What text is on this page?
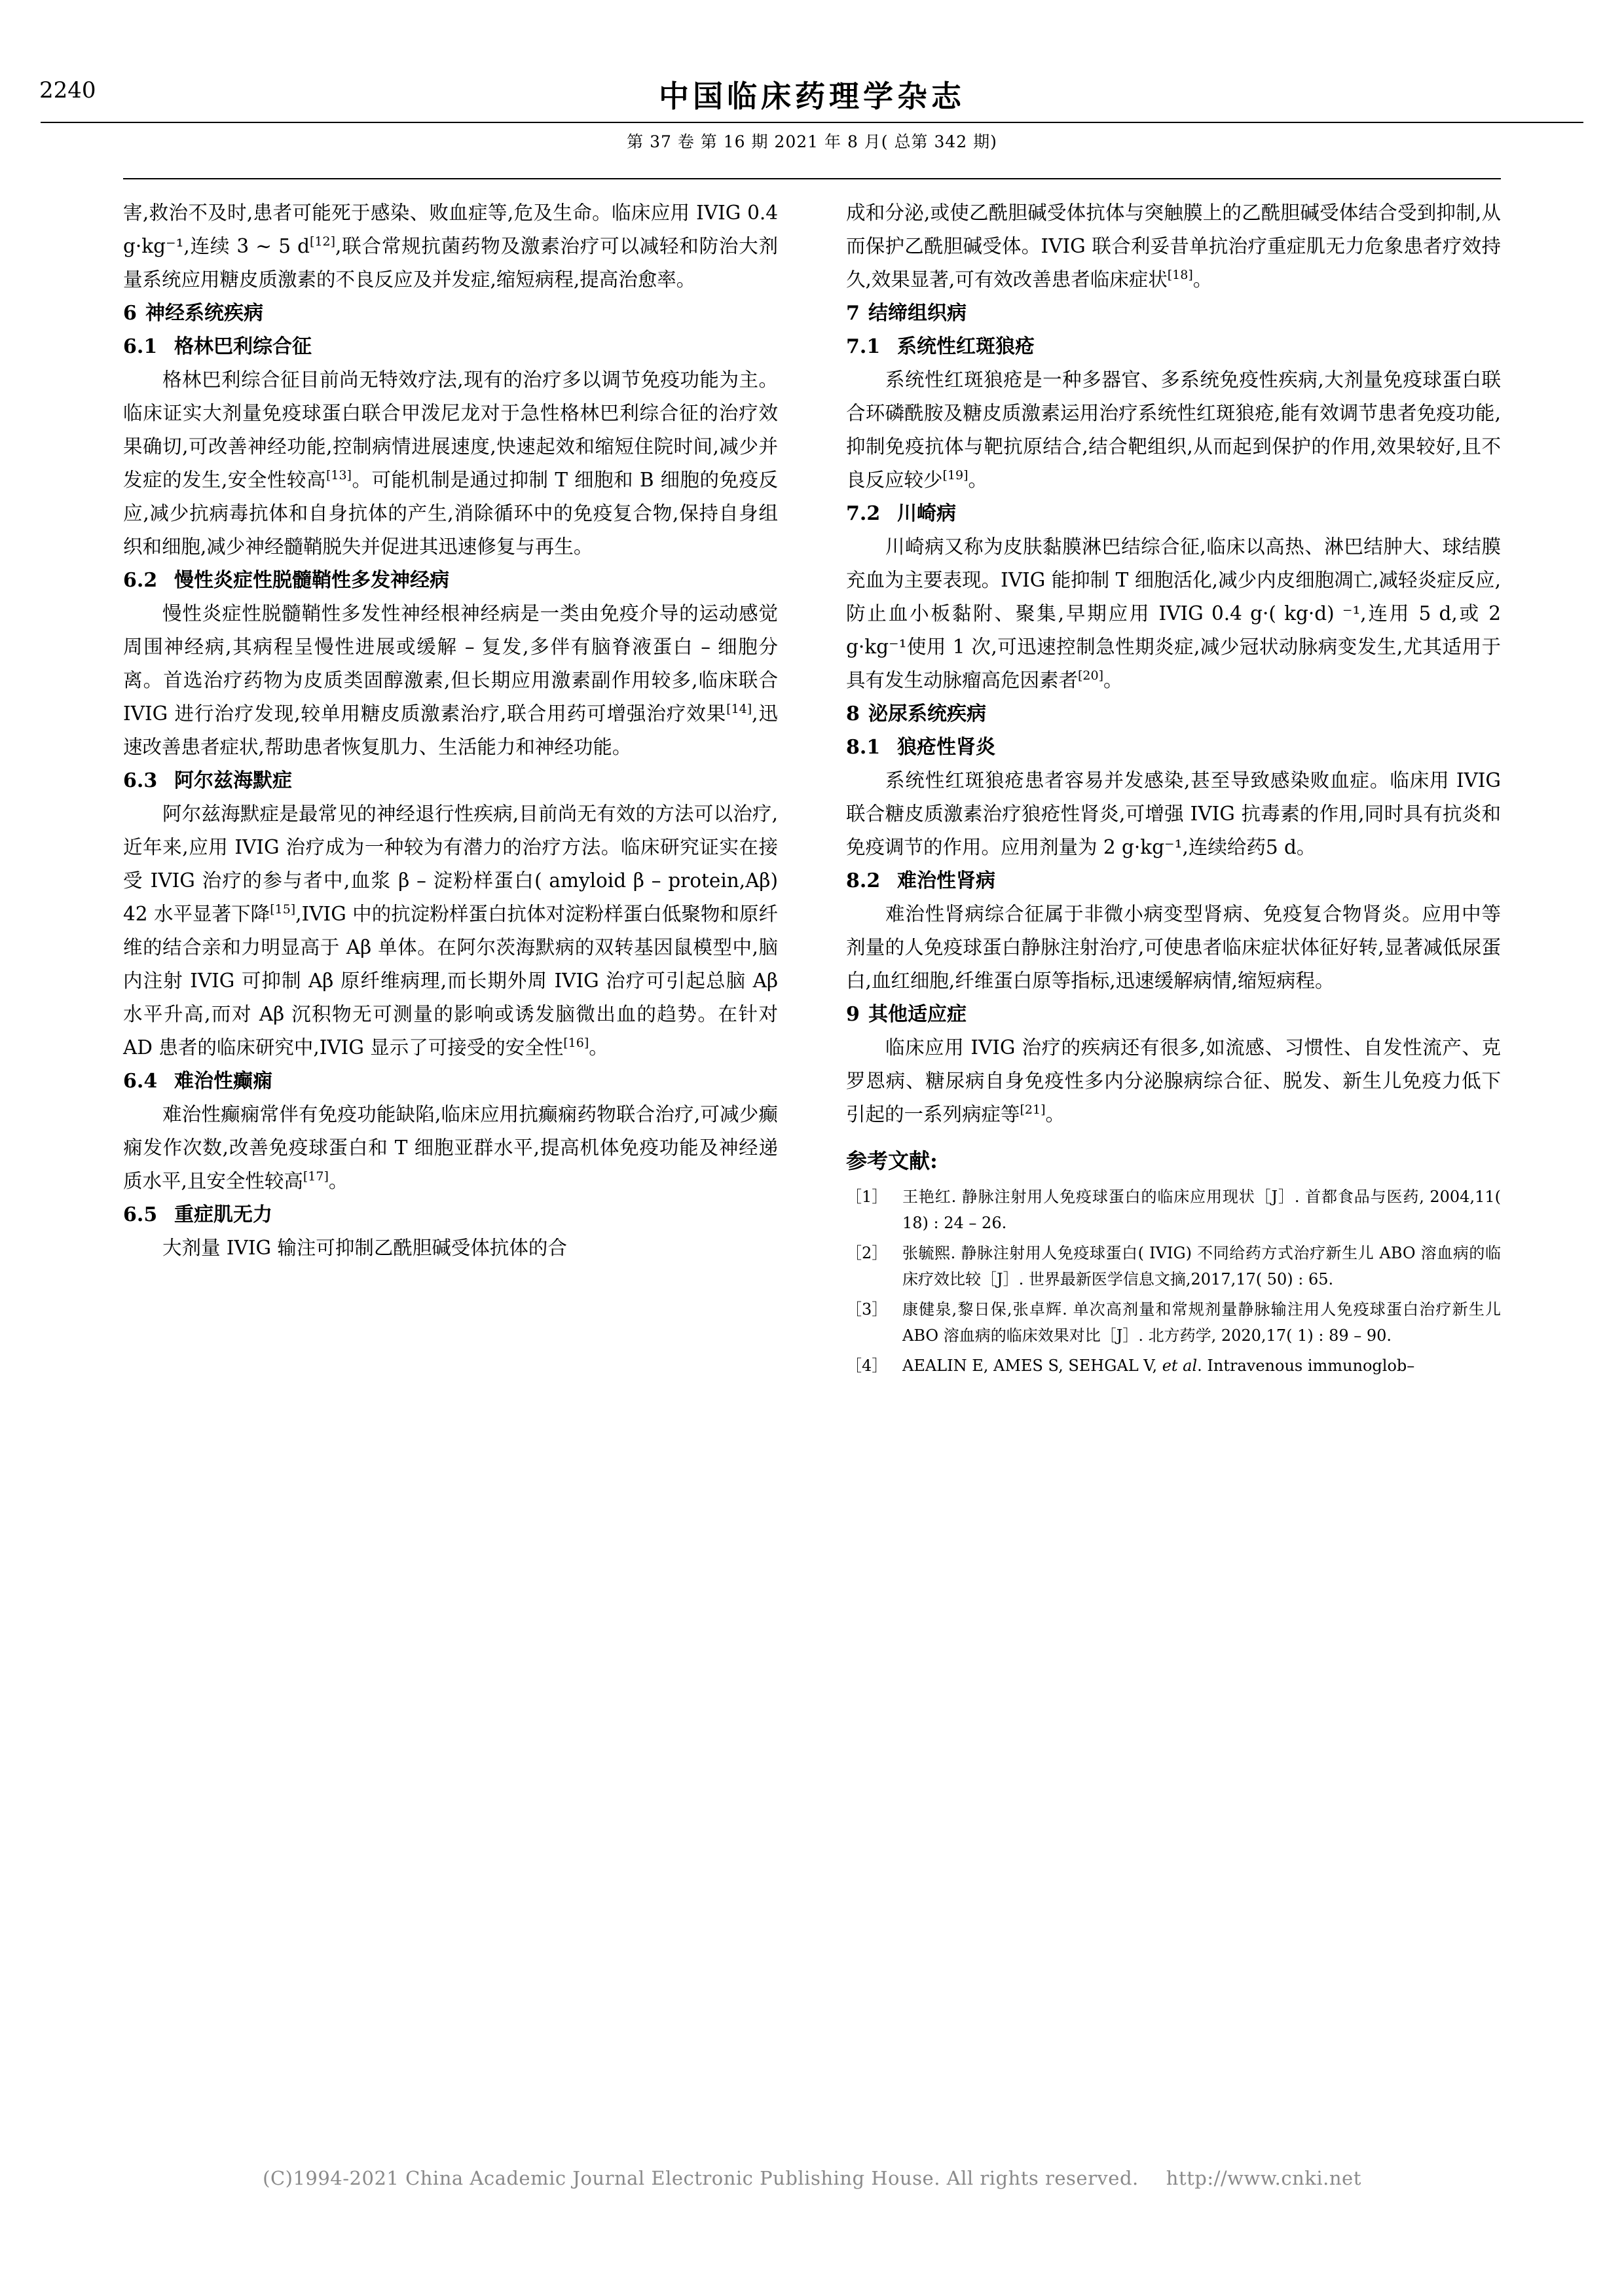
2240	中国临床药理学杂志
第 37 卷 第 16 期 2021 年 8 月( 总第 342 期)

害,救治不及时,患者可能死于感染、败血症等,危及生命。临床应用 IVIG 0.4 g·kg⁻¹,连续 3 ~ 5 d[12],联合常规抗菌药物及激素治疗可以减轻和防治大剂量系统应用糖皮质激素的不良反应及并发症,缩短病程,提高治愈率。

6 神经系统疾病
6.1 格林巴利综合征

格林巴利综合征目前尚无特效疗法,现有的治疗多以调节免疫功能为主。临床证实大剂量免疫球蛋白联合甲泼尼龙对于急性格林巴利综合征的治疗效果确切,可改善神经功能,控制病情进展速度,快速起效和缩短住院时间,减少并发症的发生,安全性较高[13]。可能机制是通过抑制 T 细胞和 B 细胞的免疫反应,减少抗病毒抗体和自身抗体的产生,消除循环中的免疫复合物,保持自身组织和细胞,减少神经髓鞘脱失并促进其迅速修复与再生。

6.2 慢性炎症性脱髓鞘性多发神经病

慢性炎症性脱髓鞘性多发性神经根神经病是一类由免疫介导的运动感觉周围神经病,其病程呈慢性进展或缓解 – 复发,多伴有脑脊液蛋白 – 细胞分离。首选治疗药物为皮质类固醇激素,但长期应用激素副作用较多,临床联合 IVIG 进行治疗发现,较单用糖皮质激素治疗,联合用药可增强治疗效果[14],迅速改善患者症状,帮助患者恢复肌力、生活能力和神经功能。

6.3 阿尔兹海默症

阿尔兹海默症是最常见的神经退行性疾病,目前尚无有效的方法可以治疗,近年来,应用 IVIG 治疗成为一种较为有潜力的治疗方法。临床研究证实在接受 IVIG 治疗的参与者中,血浆 β – 淀粉样蛋白( amyloid β – protein,Aβ) 42 水平显著下降[15],IVIG 中的抗淀粉样蛋白抗体对淀粉样蛋白低聚物和原纤维的结合亲和力明显高于 Aβ 单体。在阿尔茨海默病的双转基因鼠模型中,脑内注射 IVIG 可抑制 Aβ 原纤维病理,而长期外周 IVIG 治疗可引起总脑 Aβ 水平升高,而对 Aβ 沉积物无可测量的影响或诱发脑微出血的趋势。在针对 AD 患者的临床研究中,IVIG 显示了可接受的安全性[16]。

6.4 难治性癫痫

难治性癫痫常伴有免疫功能缺陷,临床应用抗癫痫药物联合治疗,可减少癫痫发作次数,改善免疫球蛋白和 T 细胞亚群水平,提高机体免疫功能及神经递质水平,且安全性较高[17]。

6.5 重症肌无力

大剂量 IVIG 输注可抑制乙酰胆碱受体抗体的合

成和分泌,或使乙酰胆碱受体抗体与突触膜上的乙酰胆碱受体结合受到抑制,从而保护乙酰胆碱受体。IVIG 联合利妥昔单抗治疗重症肌无力危象患者疗效持久,效果显著,可有效改善患者临床症状[18]。

7 结缔组织病
7.1 系统性红斑狼疮

系统性红斑狼疮是一种多器官、多系统免疫性疾病,大剂量免疫球蛋白联合环磷酰胺及糖皮质激素运用治疗系统性红斑狼疮,能有效调节患者免疫功能,抑制免疫抗体与靶抗原结合,结合靶组织,从而起到保护的作用,效果较好,且不良反应较少[19]。

7.2 川崎病

川崎病又称为皮肤黏膜淋巴结综合征,临床以高热、淋巴结肿大、球结膜充血为主要表现。IVIG 能抑制 T 细胞活化,减少内皮细胞凋亡,减轻炎症反应,防止血小板黏附、聚集,早期应用 IVIG 0.4 g·( kg·d) ⁻¹,连用 5 d,或 2 g·kg⁻¹使用 1 次,可迅速控制急性期炎症,减少冠状动脉病变发生,尤其适用于具有发生动脉瘤高危因素者[20]。

8 泌尿系统疾病
8.1 狼疮性肾炎

系统性红斑狼疮患者容易并发感染,甚至导致感染败血症。临床用 IVIG 联合糖皮质激素治疗狼疮性肾炎,可增强 IVIG 抗毒素的作用,同时具有抗炎和免疫调节的作用。应用剂量为 2 g·kg⁻¹,连续给药5 d。

8.2 难治性肾病

难治性肾病综合征属于非微小病变型肾病、免疫复合物肾炎。应用中等剂量的人免疫球蛋白静脉注射治疗,可使患者临床症状体征好转,显著减低尿蛋白,血红细胞,纤维蛋白原等指标,迅速缓解病情,缩短病程。

9 其他适应症

临床应用 IVIG 治疗的疾病还有很多,如流感、习惯性、自发性流产、克罗恩病、糖尿病自身免疫性多内分泌腺病综合征、脱发、新生儿免疫力低下引起的一系列病症等[21]。

参考文献:
［1］ 王艳红. 静脉注射用人免疫球蛋白的临床应用现状［J］. 首都食品与医药, 2004,11( 18) : 24 – 26.
［2］ 张毓熙. 静脉注射用人免疫球蛋白( IVIG) 不同给药方式治疗新生儿 ABO 溶血病的临床疗效比较［J］. 世界最新医学信息文摘,2017,17( 50) : 65.
［3］ 康健泉,黎日保,张卓辉. 单次高剂量和常规剂量静脉输注用人免疫球蛋白治疗新生儿 ABO 溶血病的临床效果对比［J］. 北方药学, 2020,17( 1) : 89 – 90.
［4］ AEALIN E, AMES S, SEHGAL V, et al. Intravenous immunoglob–
(C)1994-2021 China Academic Journal Electronic Publishing House. All rights reserved. http://www.cnki.net
